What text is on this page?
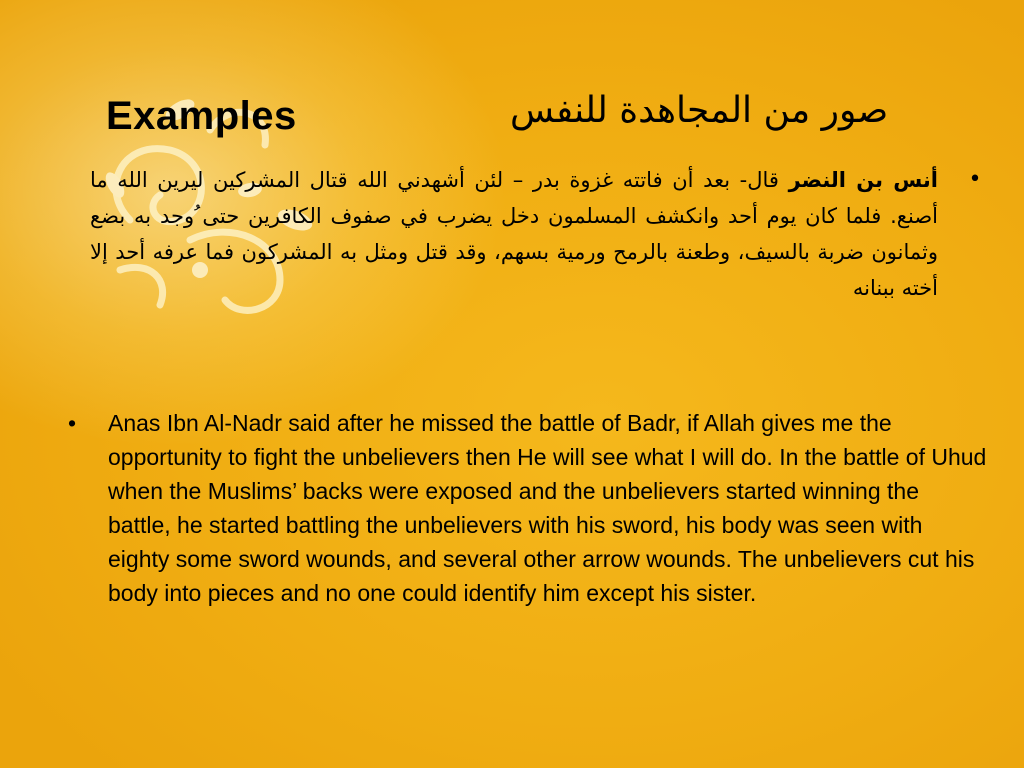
Examples	صور من المجاهدة للنفس
•
أنس بن النضر قال- بعد أن فاتته غزوة بدر – لئن أشهدني الله قتال المشركين ليرين الله ما أصنع. فلما كان يوم أحد وانكشف المسلمون دخل يضرب في صفوف الكافرين حتى ُوجد به بضع وثمانون ضربة بالسيف، وطعنة بالرمح ورمية بسهم، وقد قتل ومثل به المشركون فما عرفه أحد إلا أخته ببنانه
•	Anas Ibn Al-Nadr said after he missed the battle of Badr, if Allah gives me the opportunity to fight the unbelievers then He will see what I will do. In the battle of Uhud when the Muslims’ backs were exposed and the unbelievers started winning the battle, he started battling the unbelievers with his sword, his body was seen with eighty some sword wounds, and several other arrow wounds. The unbelievers cut his body into pieces and no one could identify him except his sister.
